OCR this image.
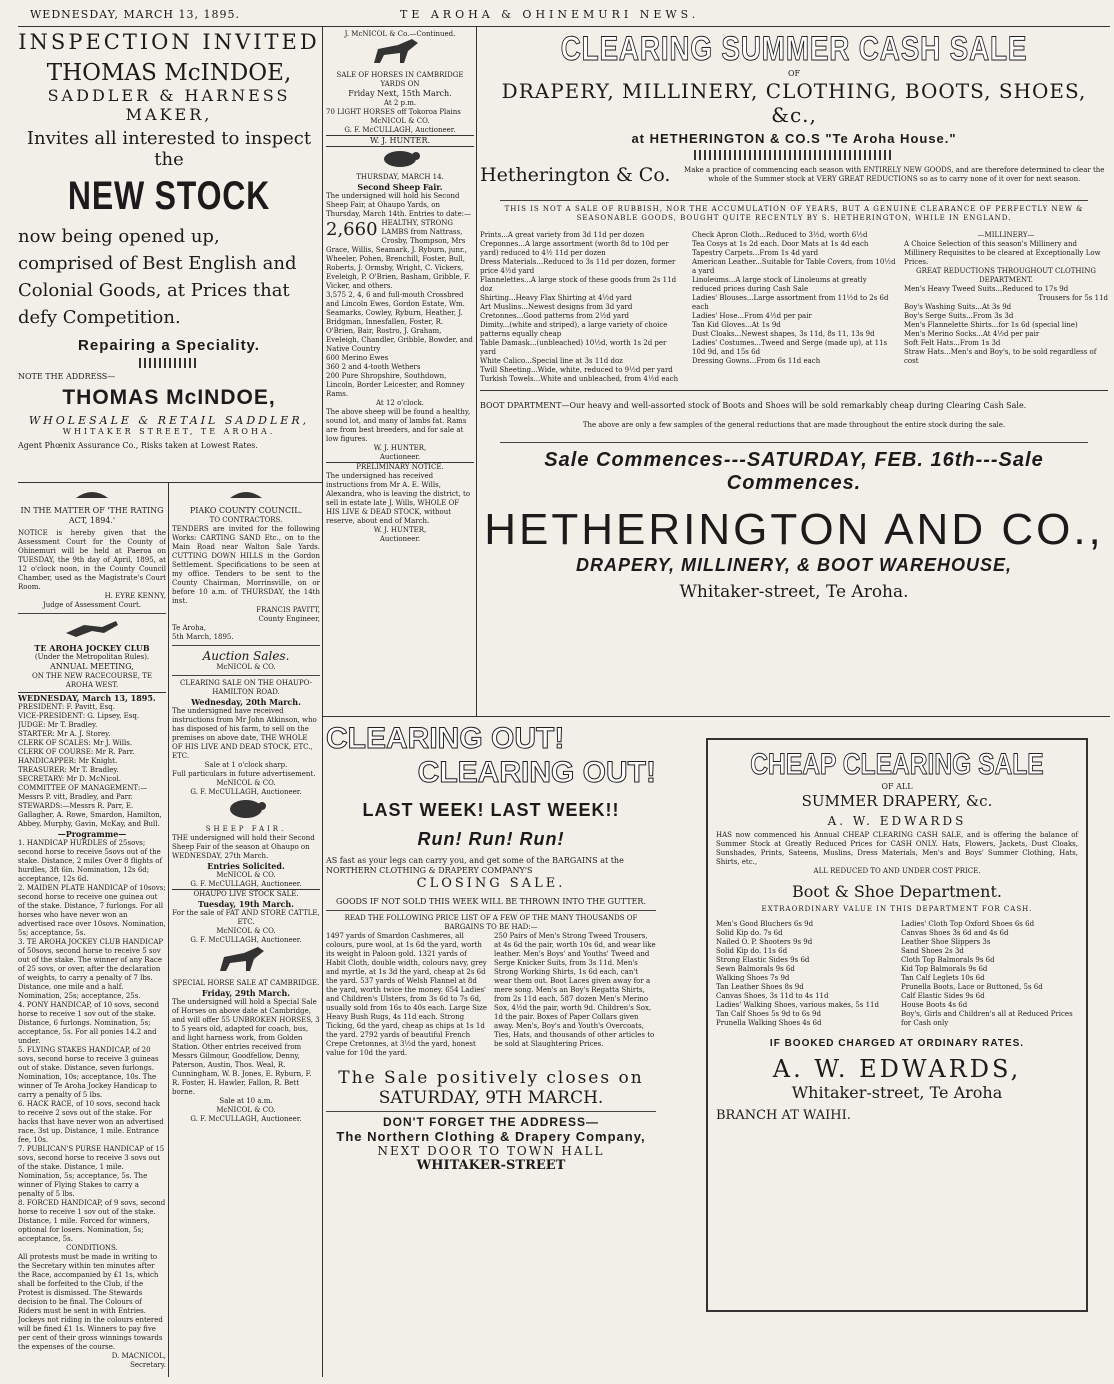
WEDNESDAY, MARCH 13, 1895.	TE AROHA & OHINEMURI NEWS.
INSPECTION INVITED
THOMAS McINDOE,
SADDLER & HARNESS MAKER,
Invites all interested to inspect the
NEW STOCK
now being opened up, comprised of Best English and Colonial Goods, at Prices that defy Competition.
Repairing a Speciality.
NOTE THE ADDRESS—
THOMAS McINDOE,
WHOLESALE & RETAIL SADDLER,
WHITAKER STREET, TE AROHA.
Agent Phœnix Assurance Co., Risks taken at Lowest Rates.
IN THE MATTER OF 'THE RATING ACT, 1894.'
NOTICE is hereby given that the Assessment Court for the County of Ohinemuri will be held at Paeroa on TUESDAY, the 9th day of April, 1895, at 12 o'clock noon, in the County Council Chamber, used as the Magistrate's Court Room.
H. EYRE KENNY,
Judge of Assessment Court.
TE AROHA JOCKEY CLUB
(Under the Metropolitan Rules).
ANNUAL MEETING,
ON THE NEW RACECOURSE, TE AROHA WEST.
WEDNESDAY, March 13, 1895.
PRESIDENT: F. Pavitt, Esq.
VICE-PRESIDENT: G. Lipsey, Esq.
JUDGE: Mr T. Bradley.
STARTER: Mr A. J. Storey.
CLERK OF SCALES: Mr J. Wills.
CLERK OF COURSE: Mr R. Parr.
HANDICAPPER: Mr Knight.
TREASURER: Mr T. Bradley.
SECRETARY: Mr D. McNicol.
COMMITTEE OF MANAGEMENT:— Messrs P. vitt, Bradley, and Parr.
STEWARDS:—Messrs R. Parr, E. Gallagher, A. Rowe, Smardon, Hamilton, Abbey, Murphy, Gavin, McKay, and Bull.
—Programme—
1. HANDICAP HURDLES of 25sovs; second horse to receive 5sovs out of the stake. Distance, 2 miles Over 8 flights of hurdles, 3ft 6in. Nomination, 12s 6d; acceptance, 12s 6d.
2. MAIDEN PLATE HANDICAP of 10sovs; second horse to receive one guinea out of the stake. Distance, 7 furlongs. For all horses who have never won an advertised race over 10sovs. Nomination, 5s; acceptance, 5s.
3. TE AROHA JOCKEY CLUB HANDICAP of 50sovs, second horse to receive 5 sov out of the stake. The winner of any Race of 25 sovs, or over, after the declaration of weights, to carry a penalty of 7 lbs. Distance, one mile and a half. Nomination, 25s; acceptance, 25s.
4. PONY HANDICAP, of 10 sovs, second horse to receive 1 sov out of the stake. Distance, 6 furlongs. Nomination, 5s; acceptance, 5s. For all ponies 14.2 and under.
5. FLYING STAKES HANDICAP, of 20 sovs, second horse to receive 3 guineas out of stake. Distance, seven furlongs. Nomination, 10s; acceptance, 10s. The winner of Te Aroha Jockey Handicap to carry a penalty of 5 lbs.
6. HACK RACE, of 10 sovs, second hack to receive 2 sovs out of the stake. For hacks that have never won an advertised race. 3st up. Distance, 1 mile. Entrance fee, 10s.
7. PUBLICAN'S PURSE HANDICAP of 15 sovs, second horse to receive 3 sovs out of the stake. Distance, 1 mile. Nomination, 5s; acceptance, 5s. The winner of Flying Stakes to carry a penalty of 5 lbs.
8. FORCED HANDICAP, of 9 sovs, second horse to receive 1 sov out of the stake. Distance, 1 mile. Forced for winners, optional for losers. Nomination, 5s; acceptance, 5s.
CONDITIONS.
All protests must be made in writing to the Secretary within ten minutes after the Race, accompanied by £1 1s, which shall be forfeited to the Club, if the Protest is dismissed. The Stewards decision to be final. The Colours of Riders must be sent in with Entries. Jockeys not riding in the colours entered will be fined £1 1s. Winners to pay five per cent of their gross winnings towards the expenses of the course.
D. MACNICOL,
Secretary.
PIAKO COUNTY COUNCIL.
TO CONTRACTORS.
TENDERS are invited for the following Works: CARTING SAND Etc., on to the Main Road near Walton Sale Yards. CUTTING DOWN HILLS in the Gordon Settlement. Specifications to be seen at my office. Tenders to be sent to the County Chairman, Morrinsville, on or before 10 a.m. of THURSDAY, the 14th inst.
FRANCIS PAVITT,
County Engineer,
Te Aroha,
5th March, 1895.
Auction Sales.
McNICOL & CO.
CLEARING SALE ON THE OHAUPO-HAMILTON ROAD.
Wednesday, 20th March.
The undersigned have received instructions from Mr John Atkinson, who has disposed of his farm, to sell on the premises on above date, THE WHOLE OF HIS LIVE AND DEAD STOCK, ETC., ETC.
Sale at 1 o'clock sharp.
Full particulars in future advertisement.
McNICOL & CO.
G. F. McCULLAGH, Auctioneer.
SHEEP FAIR.
THE undersigned will hold their Second Sheep Fair of the season at Ohaupo on WEDNESDAY, 27th March.
Entries Solicited.
McNICOL & CO.
G. F. McCULLAGH, Auctioneer.
OHAUPO LIVE STOCK SALE.
Tuesday, 19th March.
For the sale of FAT AND STORE CATTLE, ETC.
McNICOL & CO.
G. F. McCULLAGH, Auctioneer.
SPECIAL HORSE SALE AT CAMBRIDGE.
Friday, 29th March.
The undersigned will hold a Special Sale of Horses on above date at Cambridge, and will offer 55 UNBROKEN HORSES, 3 to 5 years old, adapted for coach, bus, and light harness work, from Golden Station. Other entries received from Messrs Gilmour, Goodfellow, Denny, Paterson, Austin, Thos. Weal, R. Cunningham, W. B. Jones, E. Ryburn, F. R. Foster, H. Hawler, Fallon, R. Bett borne.
Sale at 10 a.m.
McNICOL & CO.
G. F. McCULLAGH, Auctioneer.
J. McNICOL & Co.—Continued.
SALE OF HORSES IN CAMBRIDGE YARDS ON
Friday Next, 15th March.
At 2 p.m.
70 LIGHT HORSES off Tokoroa Plains
McNICOL & CO.
G. F. McCULLAGH, Auctioneer.
W. J. HUNTER.
THURSDAY, MARCH 14.
Second Sheep Fair.
The undersigned will hold his Second Sheep Fair, at Ohaupo Yards, on Thursday, March 14th. Entries to date:—
2,660 HEALTHY, STRONG LAMBS from Nattrass, Crosby, Thompson, Mrs Grace, Willis, Seamark, J. Ryburn, junr., Wheeler, Pohen, Brenchill, Foster, Bull, Roberts, J. Ormsby, Wright, C. Vickers, Eveleigh, P. O'Brien, Basham, Gribble, F. Vicker, and others.
3,575 2, 4, 6 and full-mouth Crossbred and Lincoln Ewes, Gordon Estate, Wm. Seamarks, Cowley, Ryburn, Heather, J. Bridgman, Innesfallen, Foster, R. O'Brien, Bair, Rostro, J. Graham, Eveleigh, Chandler, Gribble, Bowder, and Native Country
600 Merino Ewes
360 2 and 4-tooth Wethers
200 Pure Shropshire, Southdown, Lincoln, Border Leicester, and Romney Rams.
At 12 o'clock.
The above sheep will be found a healthy, sound lot, and many of lambs fat. Rams are from best breeders, and for sale at low figures.
W. J. HUNTER,
Auctioneer.
PRELIMINARY NOTICE.
The undersigned has received instructions from Mr A. E. Wills, Alexandra, who is leaving the district, to sell in estate late J. Wills, WHOLE OF HIS LIVE & DEAD STOCK, without reserve, about end of March.
W. J. HUNTER,
Auctioneer.
CLEARING SUMMER CASH SALE
OF
DRAPERY, MILLINERY, CLOTHING, BOOTS, SHOES, &c.,
at HETHERINGTON & CO.S "Te Aroha House."
Hetherington & Co.	Make a practice of commencing each season with ENTIRELY NEW GOODS, and are therefore determined to clear the whole of the Summer stock at VERY GREAT REDUCTIONS so as to carry none of it over for next season.
THIS IS NOT A SALE OF RUBBISH, NOR THE ACCUMULATION OF YEARS, BUT A GENUINE CLEARANCE OF PERFECTLY NEW & SEASONABLE GOODS, BOUGHT QUITE RECENTLY BY S. HETHERINGTON, WHILE IN ENGLAND.
Prints...A great variety from 3d 11d per dozen
Creponnes...A large assortment (worth 8d to 10d per yard) reduced to 4½ 11d per dozen
Dress Materials...Reduced to 3s 11d per dozen, former price 4½d yard
Flannelettes...A large stock of these goods from 2s 11d doz
Shirting...Heavy Flax Shirting at 4½d yard
Art Muslins...Newest designs from 3d yard
Cretonnes...Good patterns from 2½d yard
Dimity...(white and striped), a large variety of choice patterns equally cheap
Table Damask...(unbleached) 10½d, worth 1s 2d per yard
White Calico...Special line at 3s 11d doz
Twill Sheeting...Wide, white, reduced to 9½d per yard
Turkish Towels...White and unbleached, from 4½d each
Check Apron Cloth...Reduced to 3½d, worth 6½d
Tea Cosys at 1s 2d each. Door Mats at 1s 4d each
Tapestry Carpets...From 1s 4d yard
American Leather...Suitable for Table Covers, from 10½d a yard
Linoleums...A large stock of Linoleums at greatly reduced prices during Cash Sale
Ladies' Blouses...Large assortment from 11½d to 2s 6d each
Ladies' Hose...From 4½d per pair
Tan Kid Gloves...At 1s 9d
Dust Cloaks...Newest shapes, 3s 11d, 8s 11, 13s 9d
Ladies' Costumes...Tweed and Serge (made up), at 11s 10d 9d, and 15s 6d
Dressing Gowns...From 6s 11d each
—MILLINERY—
A Choice Selection of this season's Millinery and Millinery Requisites to be cleared at Exceptionally Low Prices.
GREAT REDUCTIONS THROUGHOUT CLOTHING DEPARTMENT.
Men's Heavy Tweed Suits...Reduced to 17s 9d
Trousers for 5s 11d
Boy's Washing Suits...At 3s 9d
Boy's Serge Suits...From 3s 3d
Men's Flannelette Shirts...for 1s 6d (special line)
Men's Merino Socks...At 4½d per pair
Soft Felt Hats...From 1s 3d
Straw Hats...Men's and Boy's, to be sold regardless of cost
BOOT DPARTMENT—Our heavy and well-assorted stock of Boots and Shoes will be sold remarkably cheap during Clearing Cash Sale.
The above are only a few samples of the general reductions that are made throughout the entire stock during the sale.
Sale Commences---SATURDAY, FEB. 16th---Sale Commences.
HETHERINGTON AND CO.,
DRAPERY, MILLINERY, & BOOT WAREHOUSE,
Whitaker-street, Te Aroha.
CLEARING OUT!
CLEARING OUT!
LAST WEEK! LAST WEEK!!
Run! Run! Run!
AS fast as your legs can carry you, and get some of the BARGAINS at the NORTHERN CLOTHING & DRAPERY COMPANY'S
CLOSING SALE.
GOODS IF NOT SOLD THIS WEEK WILL BE THROWN INTO THE GUTTER.
READ THE FOLLOWING PRICE LIST OF A FEW OF THE MANY THOUSANDS OF BARGAINS TO BE HAD:—
1497 yards of Smardon Cashmeres, all colours, pure wool, at 1s 6d the yard, worth its weight in Paloon gold. 1321 yards of Habit Cloth, double width, colours navy, grey and myrtle, at 1s 3d the yard, cheap at 2s 6d the yard. 537 yards of Welsh Flannel at 8d the yard, worth twice the money. 654 Ladies' and Children's Ulsters, from 3s 6d to 7s 6d, usually sold from 16s to 40s each. Large Size Heavy Bush Rugs, 4s 11d each. Strong Ticking, 6d the yard, cheap as chips at 1s 1d the yard. 2792 yards of beautiful French Crepe Cretonnes, at 3½d the yard, honest value for 10d the yard.
250 Pairs of Men's Strong Tweed Trousers, at 4s 6d the pair, worth 10s 6d, and wear like leather. Men's Boys' and Youths' Tweed and Serge Knicker Suits, from 3s 11d. Men's Strong Working Shirts, 1s 6d each, can't wear them out. Boot Laces given away for a mere song. Men's an Boy's Regatta Shirts, from 2s 11d each. 587 dozen Men's Merino Sox, 4½d the pair, worth 9d. Children's Sox, 1d the pair. Boxes of Paper Collars given away. Men's, Boy's and Youth's Overcoats, Ties, Hats, and thousands of other articles to be sold at Slaughtering Prices.
The Sale positively closes on
SATURDAY, 9TH MARCH.
DON'T FORGET THE ADDRESS—
The Northern Clothing & Drapery Company,
NEXT DOOR TO TOWN HALL
WHITAKER-STREET
CHEAP CLEARING SALE
OF ALL
SUMMER DRAPERY, &c.
A. W. EDWARDS
HAS now commenced his Annual CHEAP CLEARING CASH SALE, and is offering the balance of Summer Stock at Greatly Reduced Prices for CASH ONLY. Hats, Flowers, Jackets, Dust Cloaks, Sunshades, Prints, Sateens, Muslins, Dress Materials, Men's and Boys' Summer Clothing, Hats, Shirts, etc.,
ALL REDUCED TO AND UNDER COST PRICE.
Boot & Shoe Department.
EXTRAORDINARY VALUE IN THIS DEPARTMENT FOR CASH.
Men's Good Bluchers 6s 9d
Solid Kip do. 7s 6d
Nailed O. P. Shooters 9s 9d
Solid Kip do. 11s 6d
Strong Elastic Sides 9s 6d
Sewn Balmorals 9s 6d
Walking Shoes 7s 9d
Tan Leather Shoes 8s 9d
Canvas Shoes, 3s 11d to 4s 11d
Ladies' Walking Shoes, various makes, 5s 11d
Tan Calf Shoes 5s 9d to 6s 9d
Prunella Walking Shoes 4s 6d
Ladies' Cloth Top Oxford Shoes 6s 6d
Canvas Shoes 3s 6d and 4s 6d
Leather Shoe Slippers 3s
Sand Shoes 2s 3d
Cloth Top Balmorals 9s 6d
Kid Top Balmorals 9s 6d
Tan Calf Leglets 10s 6d
Prunella Boots, Lace or Buttoned, 5s 6d
Calf Elastic Sides 9s 6d
House Boots 4s 6d
Boy's, Girls and Children's all at Reduced Prices for Cash only
IF BOOKED CHARGED AT ORDINARY RATES.
A. W. EDWARDS,
Whitaker-street, Te Aroha
BRANCH AT WAIHI.
